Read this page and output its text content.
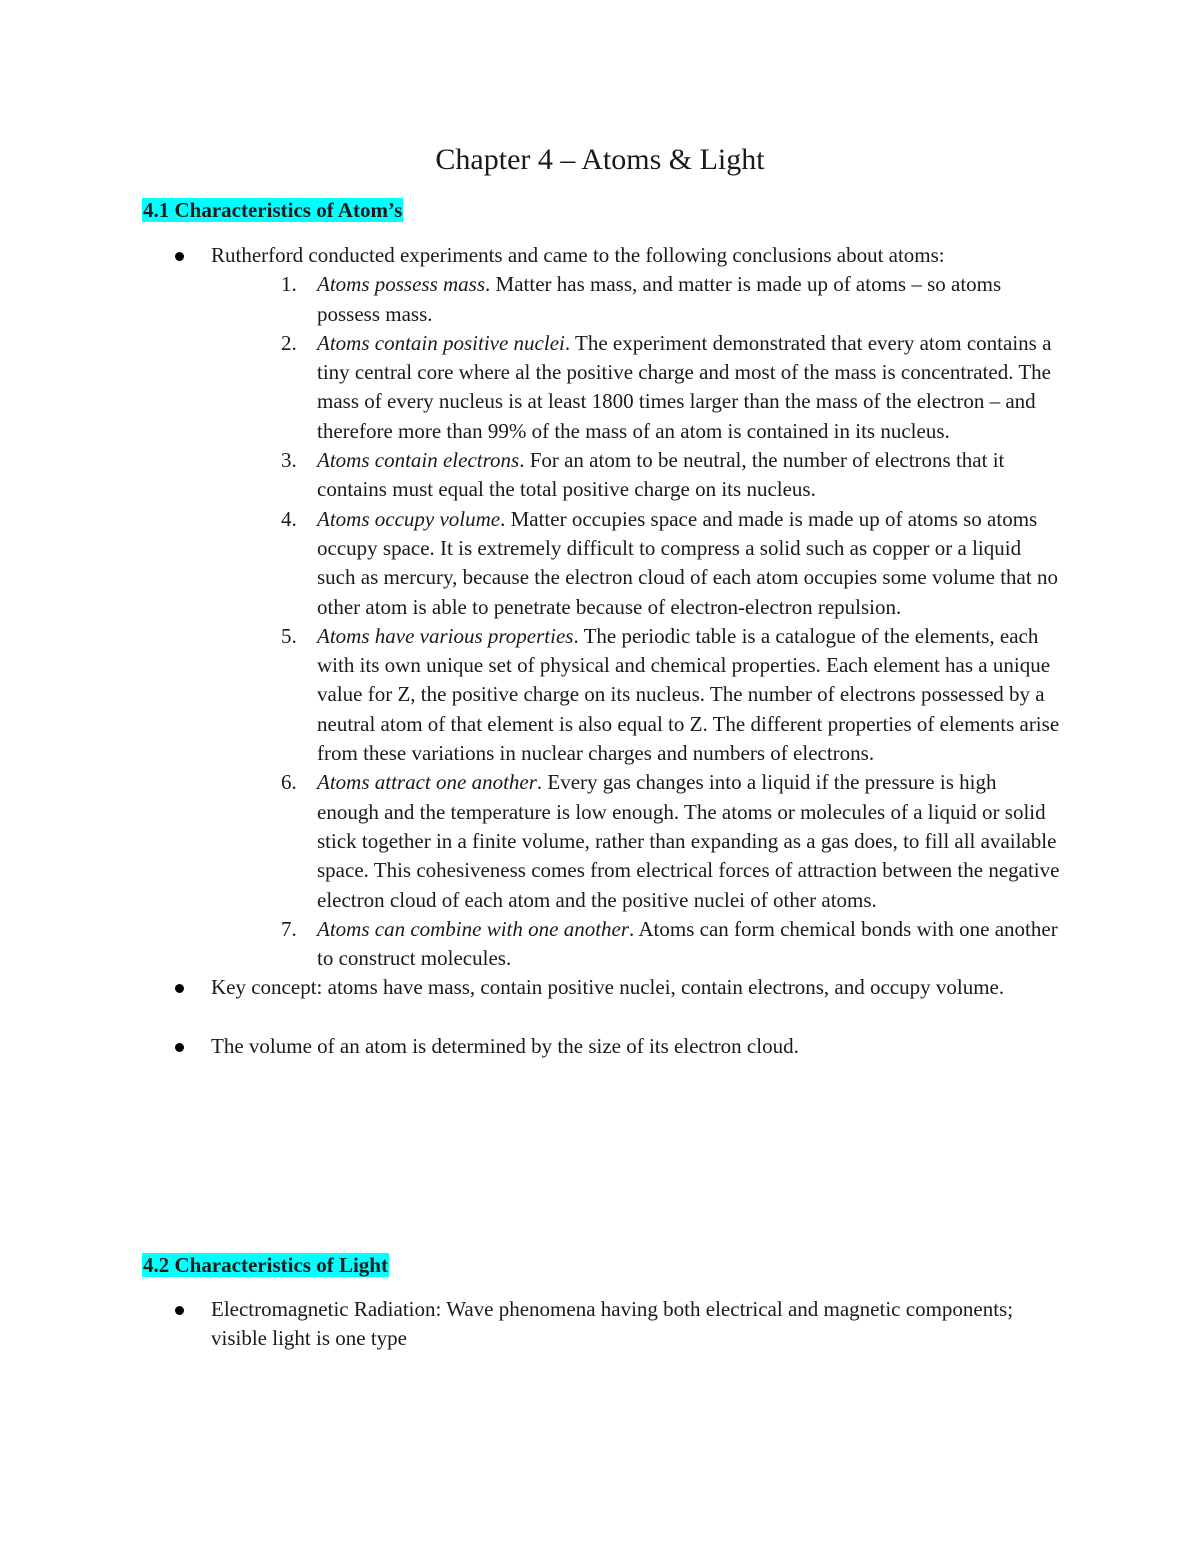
Chapter 4 – Atoms & Light
4.1 Characteristics of Atom’s
Rutherford conducted experiments and came to the following conclusions about atoms:
1. Atoms possess mass. Matter has mass, and matter is made up of atoms – so atoms possess mass.
2. Atoms contain positive nuclei. The experiment demonstrated that every atom contains a tiny central core where al the positive charge and most of the mass is concentrated. The mass of every nucleus is at least 1800 times larger than the mass of the electron – and therefore more than 99% of the mass of an atom is contained in its nucleus.
3. Atoms contain electrons. For an atom to be neutral, the number of electrons that it contains must equal the total positive charge on its nucleus.
4. Atoms occupy volume. Matter occupies space and made is made up of atoms so atoms occupy space. It is extremely difficult to compress a solid such as copper or a liquid such as mercury, because the electron cloud of each atom occupies some volume that no other atom is able to penetrate because of electron-electron repulsion.
5. Atoms have various properties. The periodic table is a catalogue of the elements, each with its own unique set of physical and chemical properties. Each element has a unique value for Z, the positive charge on its nucleus. The number of electrons possessed by a neutral atom of that element is also equal to Z. The different properties of elements arise from these variations in nuclear charges and numbers of electrons.
6. Atoms attract one another. Every gas changes into a liquid if the pressure is high enough and the temperature is low enough. The atoms or molecules of a liquid or solid stick together in a finite volume, rather than expanding as a gas does, to fill all available space. This cohesiveness comes from electrical forces of attraction between the negative electron cloud of each atom and the positive nuclei of other atoms.
7. Atoms can combine with one another. Atoms can form chemical bonds with one another to construct molecules.
Key concept: atoms have mass, contain positive nuclei, contain electrons, and occupy volume.
The volume of an atom is determined by the size of its electron cloud.
4.2 Characteristics of Light
Electromagnetic Radiation: Wave phenomena having both electrical and magnetic components; visible light is one type
